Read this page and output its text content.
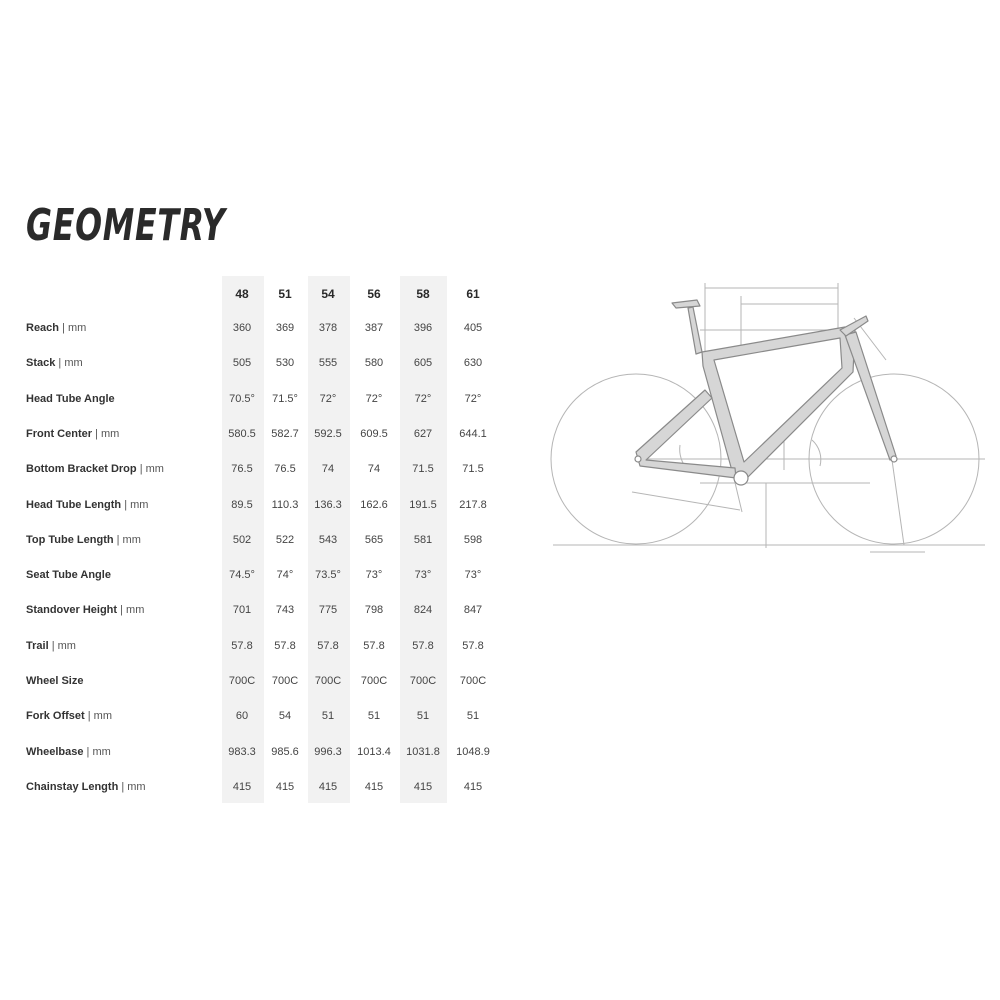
GEOMETRY
48 51 54	56	58	61
Reach | mm	360 369 378	387	396	405
Stack | mm	505 530 555	580	605	630
Head Tube Angle	70.5° 71.5° 72°	72°	72°	72°
Front Center | mm	580.5 582.7 592.5 609.5 627 644.1
Bottom Bracket Drop | mm	76.5 76.5 74	74	71.5	71.5
Head Tube Length | mm	89.5 110.3 136.3 162.6 191.5 217.8
Top Tube Length | mm	502 522 543	565	581	598
Seat Tube Angle	74.5° 74° 73.5° 73°	73°	73°
Standover Height | mm	701 743 775	798	824	847
Trail | mm	57.8 57.8 57.8 57.8	57.8	57.8
Wheel Size	700C 700C 700C 700C 700C 700C
Fork Offset | mm	60	54	51	51	51	51
Wheelbase | mm	983.3 985.6 996.3 1013.4 1031.8 1048.9
Chainstay Length | mm	415 415 415	415	415	415
